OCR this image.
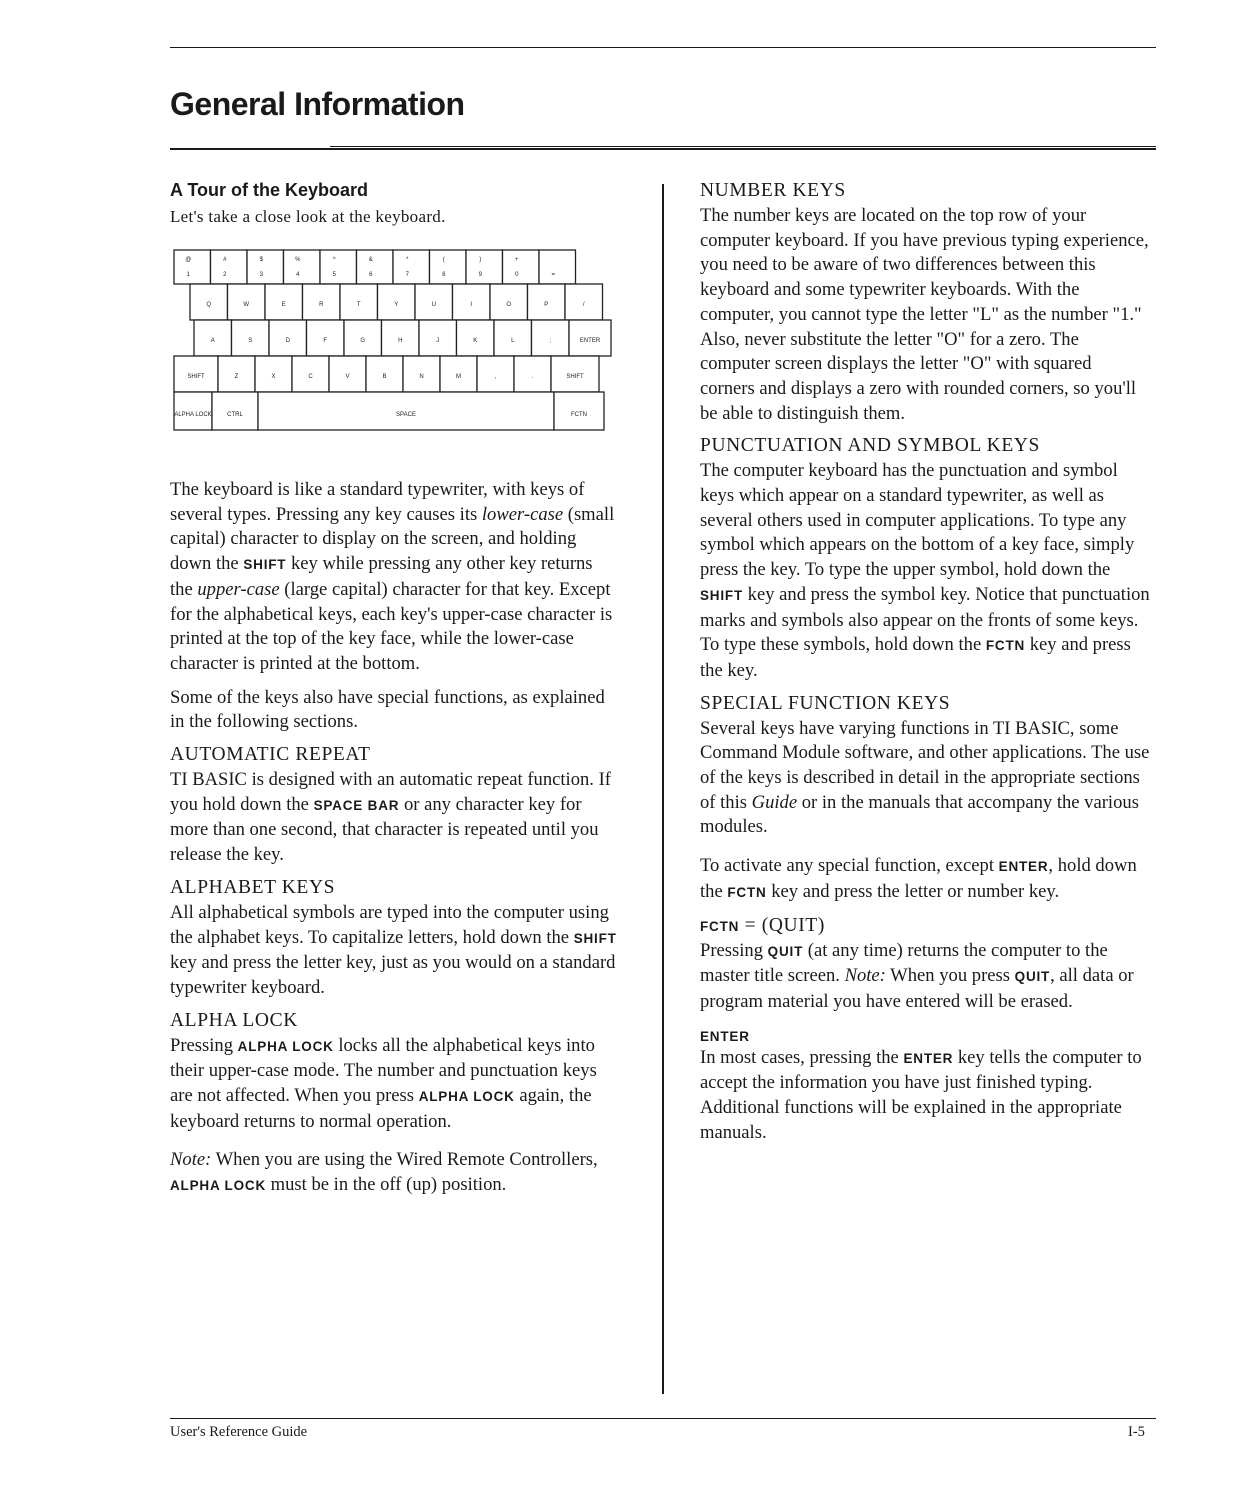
General Information
A Tour of the Keyboard

Let's take a close look at the keyboard.

@
1
#
2
$
3
%
4
^
5
&
6
*
7
(
8
)
9
+
0	=
Q	W	E	R	T	Y	U	I	O	P	/
A	S	D	F	G	H	J	K	L	;	ENTER
SHIFT	Z	X	C	V	B	N	M	,	.	SHIFT
ALPHA LOCK	CTRL	SPACE	FCTN

The keyboard is like a standard typewriter, with keys of several types. Pressing any key causes its lower-case (small capital) character to display on the screen, and holding down the SHIFT key while pressing any other key returns the upper-case (large capital) character for that key. Except for the alphabetical keys, each key's upper-case character is printed at the top of the key face, while the lower-case character is printed at the bottom.

Some of the keys also have special functions, as explained in the following sections.

AUTOMATIC REPEAT

TI BASIC is designed with an automatic repeat function. If you hold down the SPACE BAR or any character key for more than one second, that character is repeated until you release the key.

ALPHABET KEYS

All alphabetical symbols are typed into the computer using the alphabet keys. To capitalize letters, hold down the SHIFT key and press the letter key, just as you would on a standard typewriter keyboard.

ALPHA LOCK

Pressing ALPHA LOCK locks all the alphabetical keys into their upper-case mode. The number and punctuation keys are not affected. When you press ALPHA LOCK again, the keyboard returns to normal operation.

Note: When you are using the Wired Remote Controllers, ALPHA LOCK must be in the off (up) position.

NUMBER KEYS

The number keys are located on the top row of your computer keyboard. If you have previous typing experience, you need to be aware of two differences between this keyboard and some typewriter keyboards. With the computer, you cannot type the letter "L" as the number "1." Also, never substitute the letter "O" for a zero. The computer screen displays the letter "O" with squared corners and displays a zero with rounded corners, so you'll be able to distinguish them.

PUNCTUATION AND SYMBOL KEYS

The computer keyboard has the punctuation and symbol keys which appear on a standard typewriter, as well as several others used in computer applications. To type any symbol which appears on the bottom of a key face, simply press the key. To type the upper symbol, hold down the SHIFT key and press the symbol key. Notice that punctuation marks and symbols also appear on the fronts of some keys. To type these symbols, hold down the FCTN key and press the key.

SPECIAL FUNCTION KEYS

Several keys have varying functions in TI BASIC, some Command Module software, and other applications. The use of the keys is described in detail in the appropriate sections of this Guide or in the manuals that accompany the various modules.

To activate any special function, except ENTER, hold down the FCTN key and press the letter or number key.

FCTN = (QUIT)

Pressing QUIT (at any time) returns the computer to the master title screen. Note: When you press QUIT, all data or program material you have entered will be erased.

ENTER

In most cases, pressing the ENTER key tells the computer to accept the information you have just finished typing. Additional functions will be explained in the appropriate manuals.

User's Reference Guide	I-5
